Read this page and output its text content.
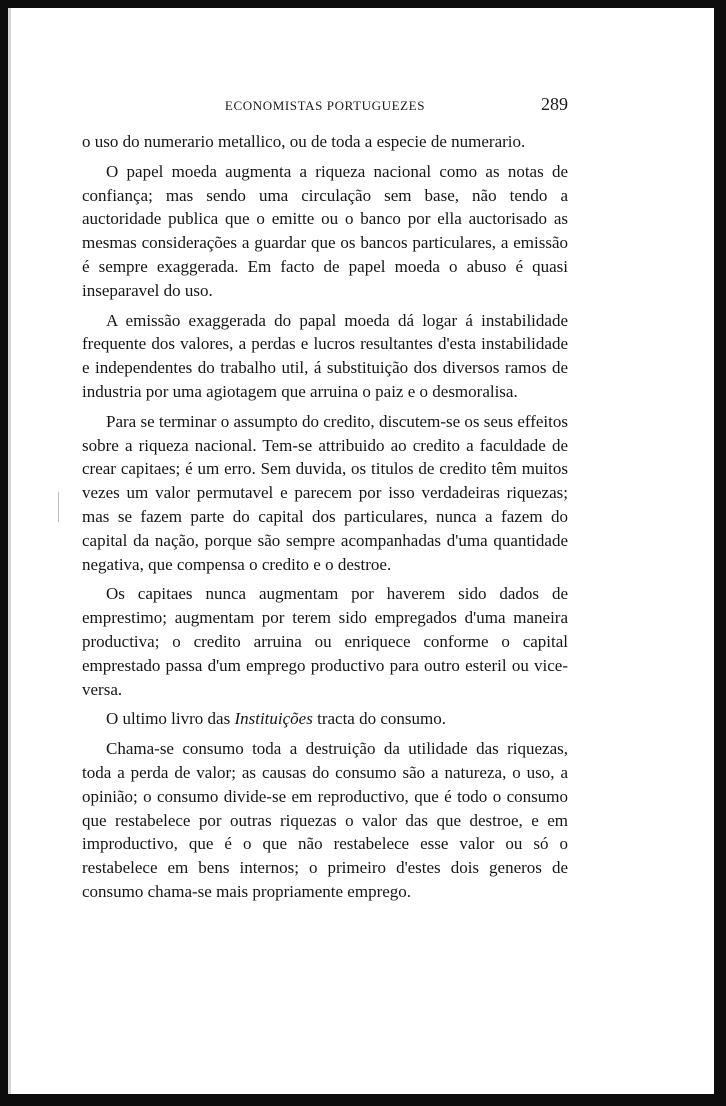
ECONOMISTAS PORTUGUEZES	289

o uso do numerario metallico, ou de toda a especie de numerario.

O papel moeda augmenta a riqueza nacional como as notas de confiança; mas sendo uma circulação sem base, não tendo a auctoridade publica que o emitte ou o banco por ella auctorisado as mesmas considerações a guardar que os bancos particulares, a emissão é sempre exaggerada. Em facto de papel moeda o abuso é quasi inseparavel do uso.

A emissão exaggerada do papal moeda dá logar á instabilidade frequente dos valores, a perdas e lucros resultantes d'esta instabilidade e independentes do trabalho util, á substituição dos diversos ramos de industria por uma agiotagem que arruina o paiz e o desmoralisa.

Para se terminar o assumpto do credito, discutem-se os seus effeitos sobre a riqueza nacional. Tem-se attribuido ao credito a faculdade de crear capitaes; é um erro. Sem duvida, os titulos de credito têm muitos vezes um valor permutavel e parecem por isso verdadeiras riquezas; mas se fazem parte do capital dos particulares, nunca a fazem do capital da nação, porque são sempre acompanhadas d'uma quantidade negativa, que compensa o credito e o destroe.

Os capitaes nunca augmentam por haverem sido dados de emprestimo; augmentam por terem sido empregados d'uma maneira productiva; o credito arruina ou enriquece conforme o capital emprestado passa d'um emprego productivo para outro esteril ou vice-versa.

O ultimo livro das Instituições tracta do consumo.

Chama-se consumo toda a destruição da utilidade das riquezas, toda a perda de valor; as causas do consumo são a natureza, o uso, a opinião; o consumo divide-se em reproductivo, que é todo o consumo que restabelece por outras riquezas o valor das que destroe, e em improductivo, que é o que não restabelece esse valor ou só o restabelece em bens internos; o primeiro d'estes dois generos de consumo chama-se mais propriamente emprego.
